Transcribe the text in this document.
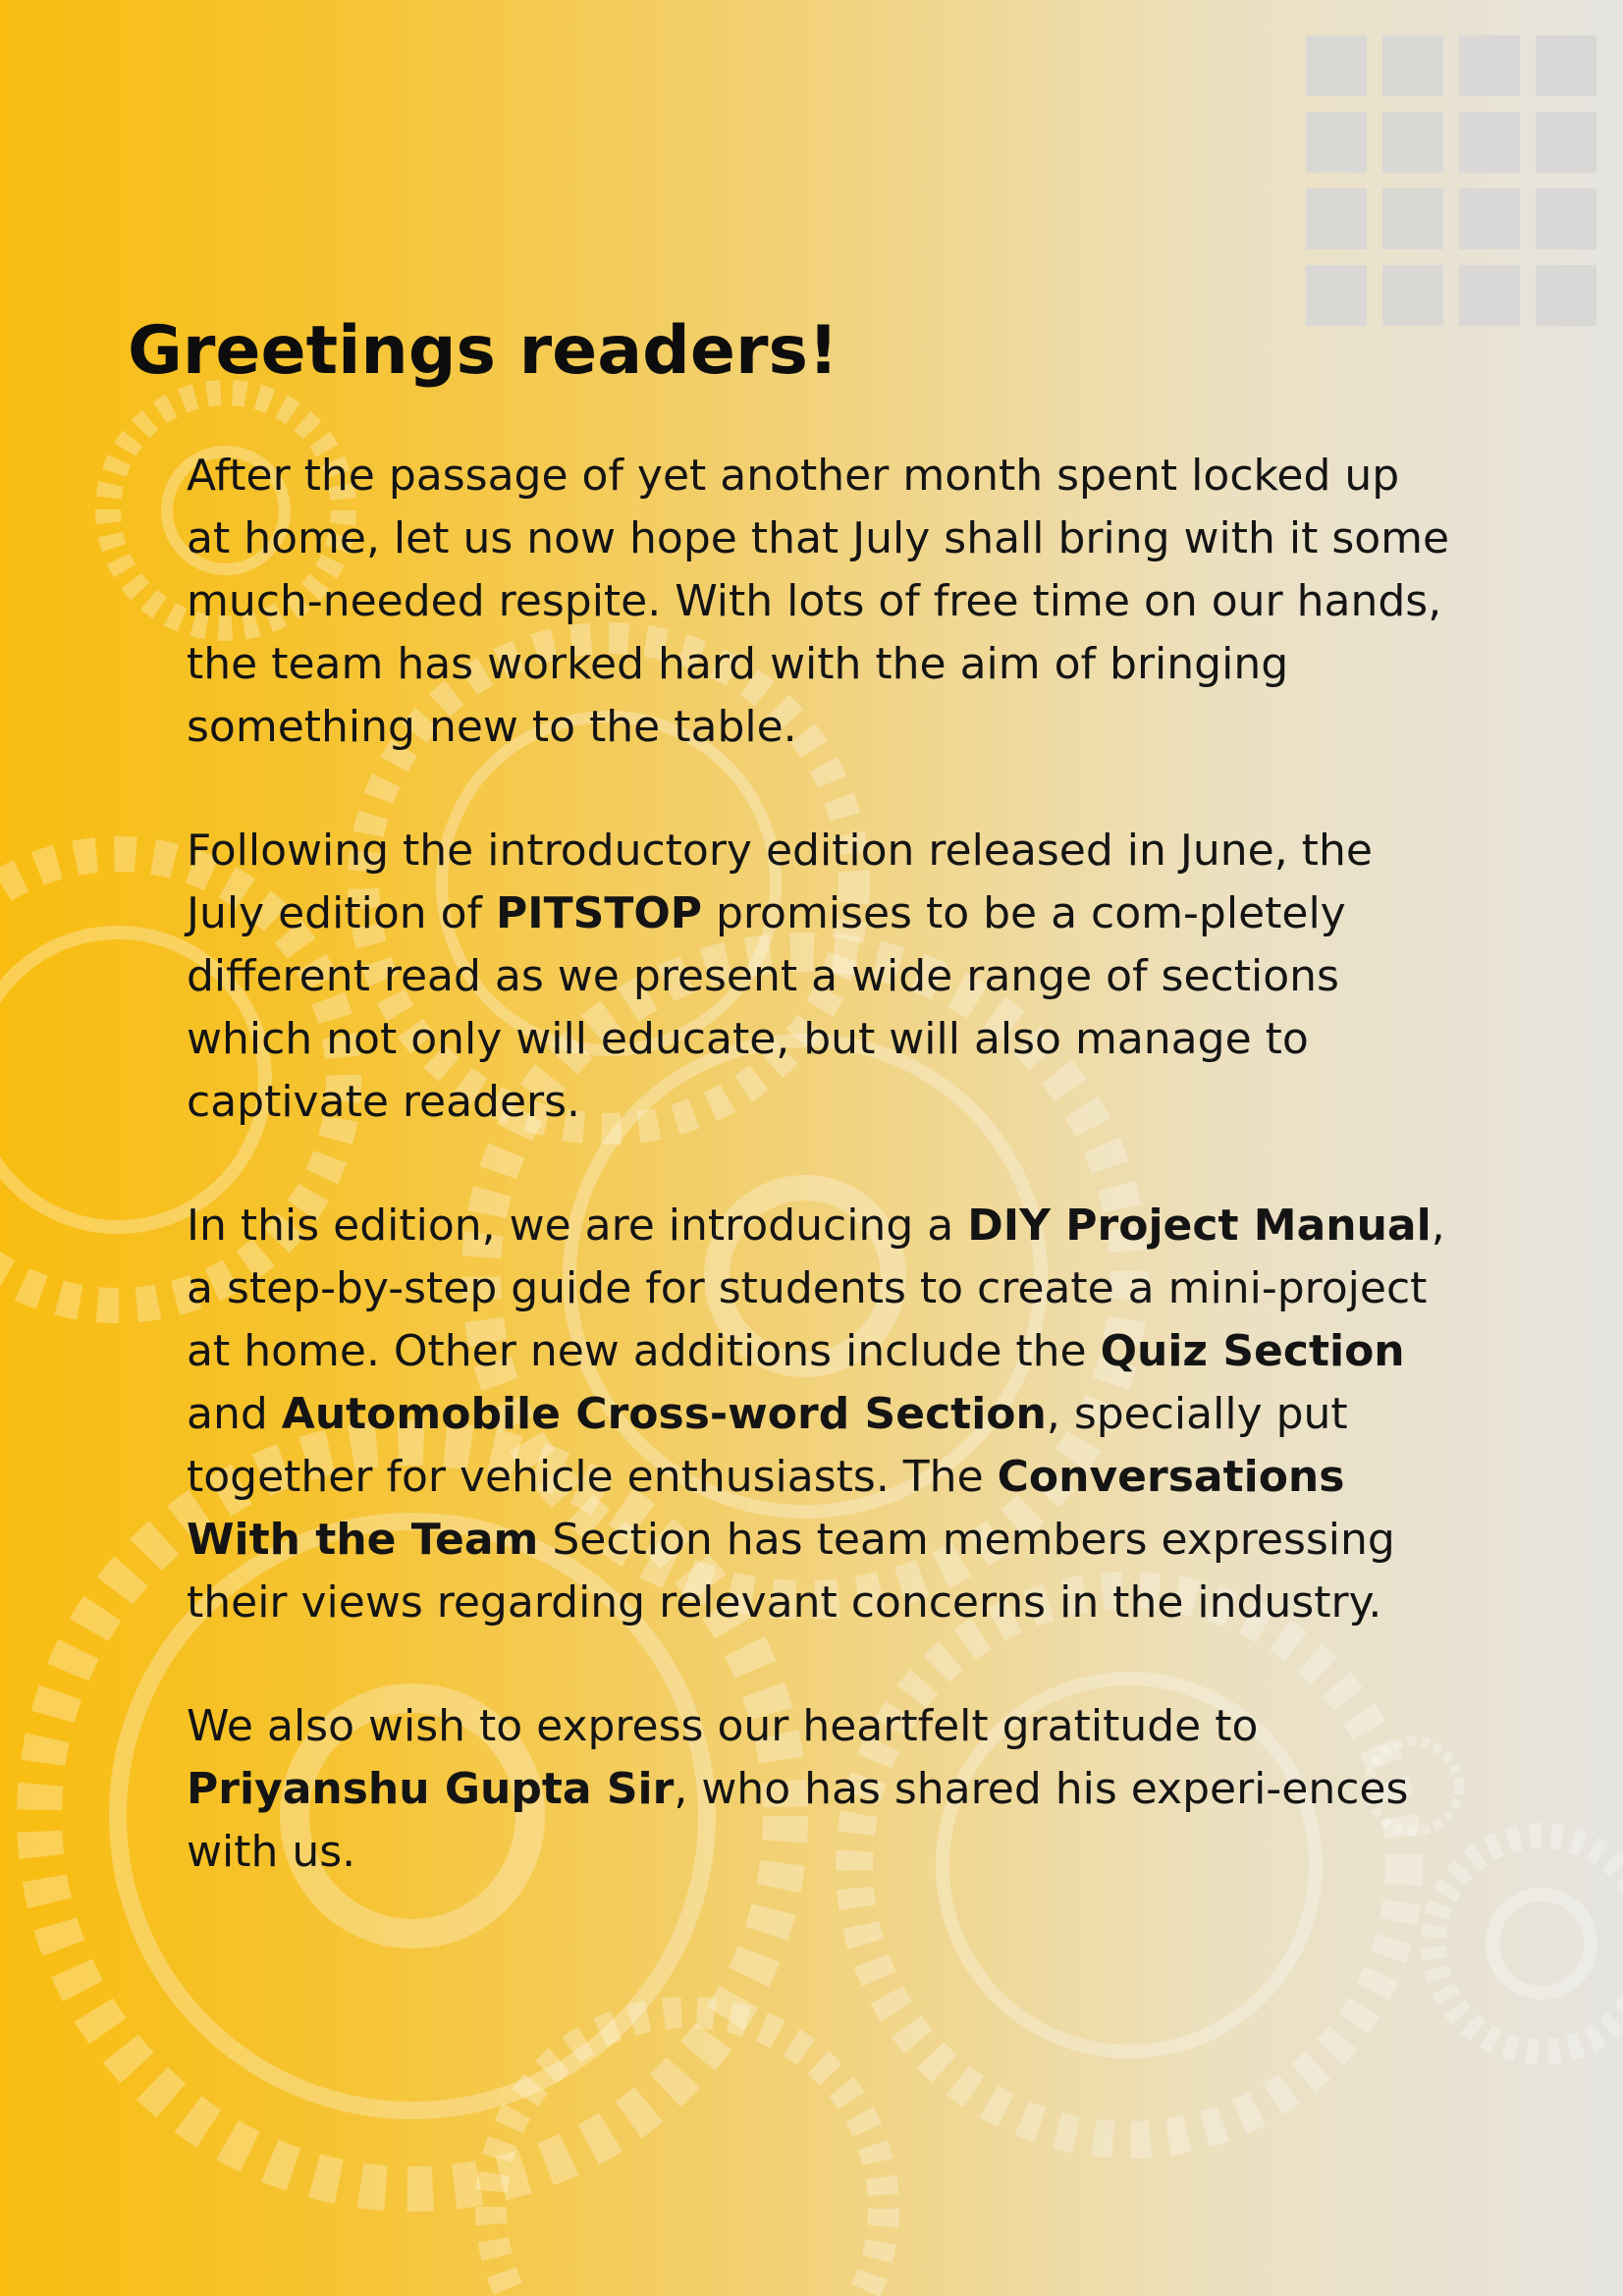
Greetings readers!

After the passage of yet another month spent locked up at home, let us now hope that July shall bring with it some much-needed respite. With lots of free time on our hands, the team has worked hard with the aim of bringing something new to the table.

Following the introductory edition released in June, the July edition of PITSTOP promises to be a com-pletely different read as we present a wide range of sections which not only will educate, but will also manage to captivate readers.

In this edition, we are introducing a DIY Project Manual, a step-by-step guide for students to create a mini-project at home. Other new additions include the Quiz Section and Automobile Cross-word Section, specially put together for vehicle enthusiasts. The Conversations With the Team Section has team members expressing their views regarding relevant concerns in the industry.

We also wish to express our heartfelt gratitude to Priyanshu Gupta Sir, who has shared his experi-ences with us.
